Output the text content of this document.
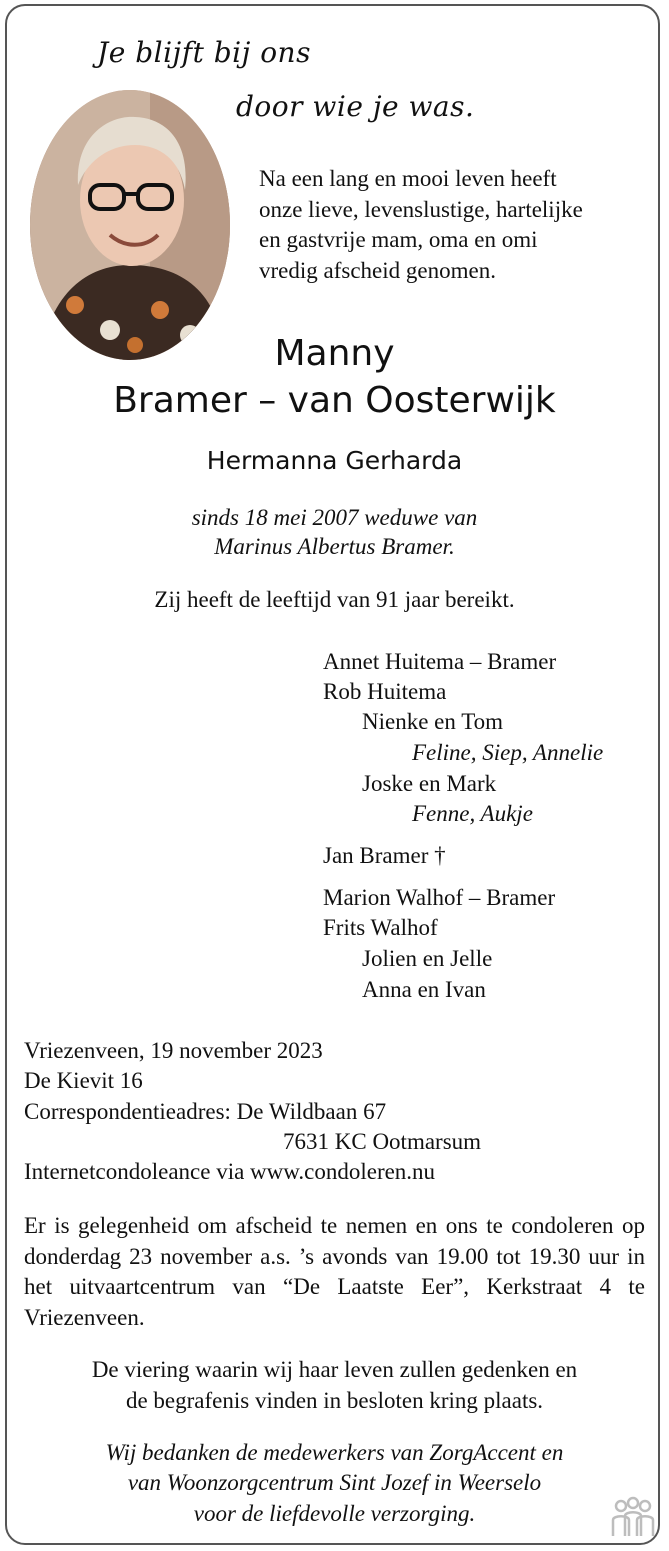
Je blijft bij ons
door wie je was.
Na een lang en mooi leven heeft
onze lieve, levenslustige, hartelijke
en gastvrije mam, oma en omi
vredig afscheid genomen.
Manny
Bramer – van Oosterwijk
Hermanna Gerharda
sinds 18 mei 2007 weduwe van
Marinus Albertus Bramer.
Zij heeft de leeftijd van 91 jaar bereikt.
Annet Huitema – Bramer
Rob Huitema
Nienke en Tom
Feline, Siep, Annelie
Joske en Mark
Fenne, Aukje
Jan Bramer †
Marion Walhof – Bramer
Frits Walhof
Jolien en Jelle
Anna en Ivan
Vriezenveen, 19 november 2023
De Kievit 16
Correspondentieadres: De Wildbaan 67
7631 KC Ootmarsum
Internetcondoleance via www.condoleren.nu
Er is gelegenheid om afscheid te nemen en ons te condoleren op donderdag 23 november a.s. ’s avonds van 19.00 tot 19.30 uur in het uitvaartcentrum van “De Laatste Eer”, Kerkstraat 4 te Vriezenveen.
De viering waarin wij haar leven zullen gedenken en
de begrafenis vinden in besloten kring plaats.
Wij bedanken de medewerkers van ZorgAccent en
van Woonzorgcentrum Sint Jozef in Weerselo
voor de liefdevolle verzorging.
